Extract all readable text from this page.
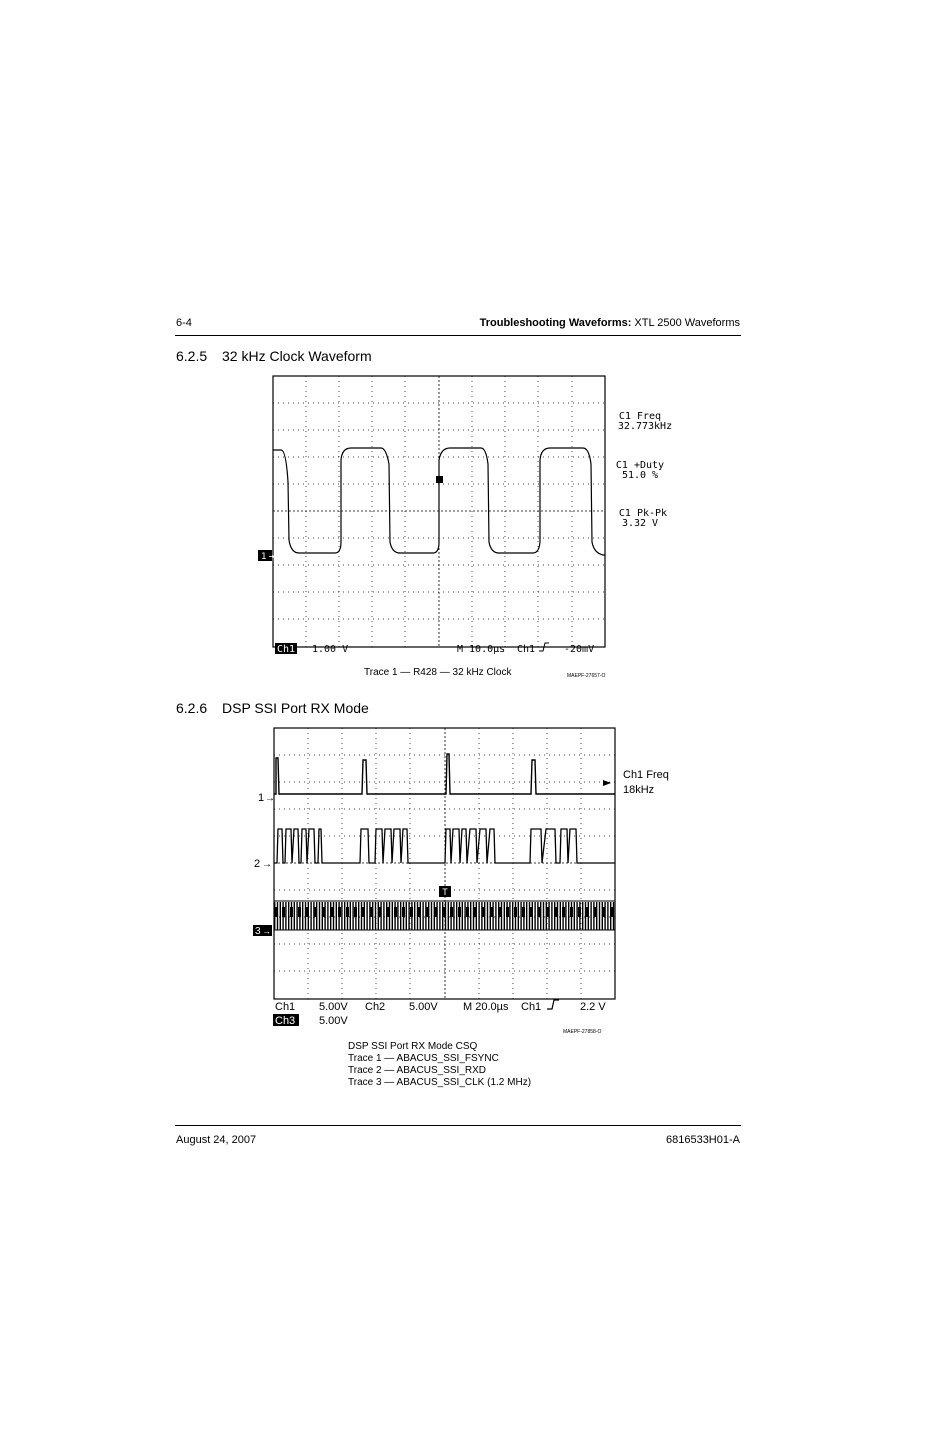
6-4	Troubleshooting Waveforms: XTL 2500 Waveforms
6.2.5 32 kHz Clock Waveform
1 →
C1 Freq
32.773kHz
C1 +Duty
51.0 %
C1 Pk-Pk
3.32 V
Ch1 1.00 V	M 10.0µs Ch1	-20mV
Trace 1 — R428 — 32 kHz Clock	MAEPF-27657-O
6.2.6 DSP SSI Port RX Mode
T
1 →
2 →
3 →
Ch1 Freq
18kHz
Ch1 5.00V Ch2 5.00V M 20.0µs Ch1	2.2 V
Ch3 5.00V
MAEPF-27858-O
DSP SSI Port RX Mode CSQ
Trace 1 — ABACUS_SSI_FSYNC
Trace 2 — ABACUS_SSI_RXD
Trace 3 — ABACUS_SSI_CLK (1.2 MHz)
August 24, 2007	6816533H01-A
